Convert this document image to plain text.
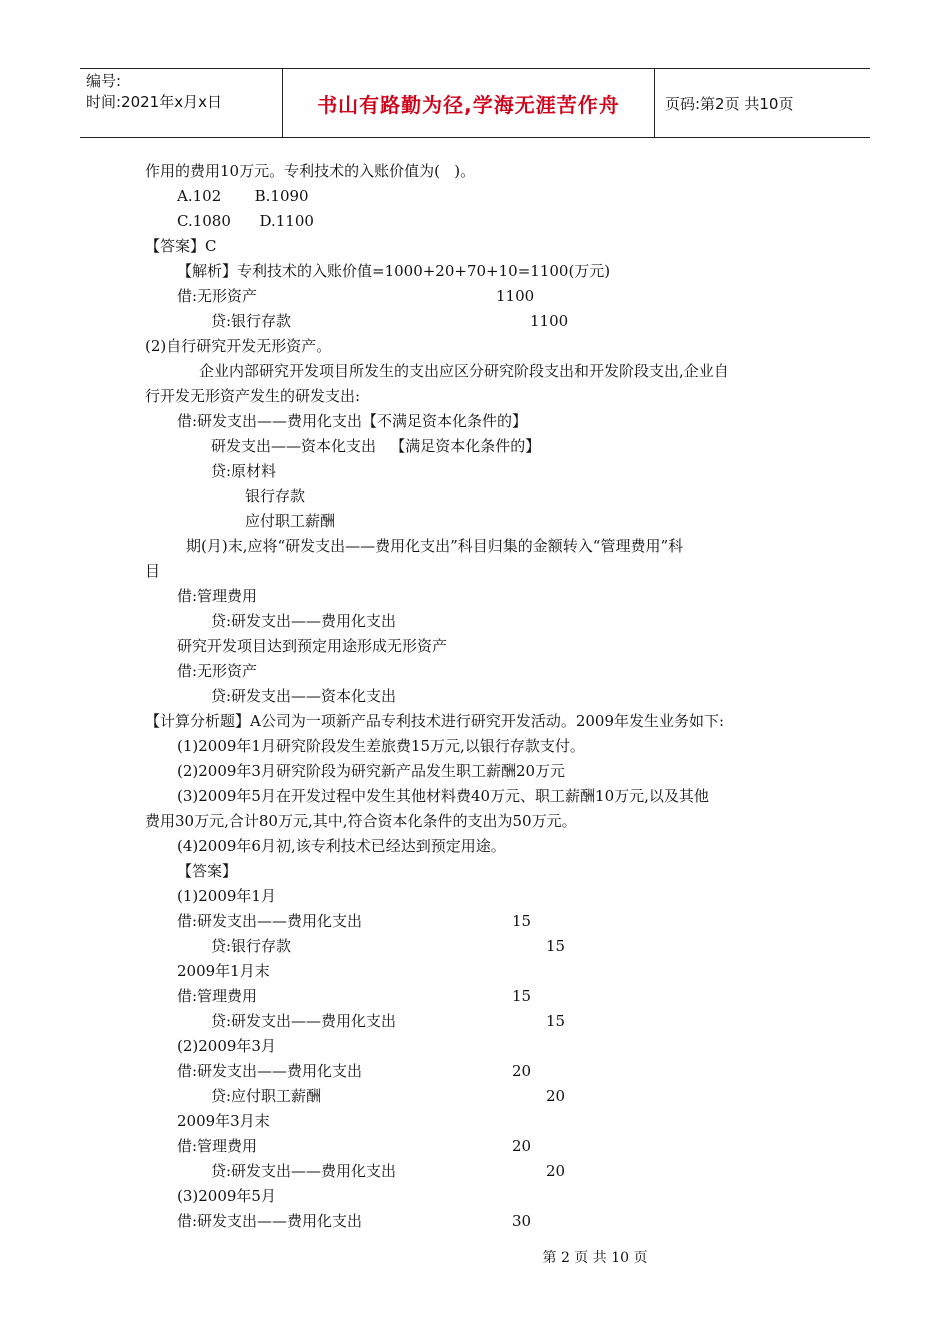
编号:
时间:2021年x月x日	书山有路勤为径,学海无涯苦作舟	页码:第2页 共10页
作用的费用10万元。专利技术的入账价值为(   )。
A.102       B.1090
C.1080      D.1100
【答案】C
【解析】专利技术的入账价值=1000+20+70+10=1100(万元)
借:无形资产	1100
贷:银行存款	1100
(2)自行研究开发无形资产。
企业内部研究开发项目所发生的支出应区分研究阶段支出和开发阶段支出,企业自
行开发无形资产发生的研发支出:
借:研发支出——费用化支出【不满足资本化条件的】
研发支出——资本化支出   【满足资本化条件的】
贷:原材料
银行存款
应付职工薪酬
期(月)末,应将“研发支出——费用化支出”科目归集的金额转入“管理费用”科
目
借:管理费用
贷:研发支出——费用化支出
研究开发项目达到预定用途形成无形资产
借:无形资产
贷:研发支出——资本化支出
【计算分析题】A公司为一项新产品专利技术进行研究开发活动。2009年发生业务如下:
(1)2009年1月研究阶段发生差旅费15万元,以银行存款支付。
(2)2009年3月研究阶段为研究新产品发生职工薪酬20万元
(3)2009年5月在开发过程中发生其他材料费40万元、职工薪酬10万元,以及其他
费用30万元,合计80万元,其中,符合资本化条件的支出为50万元。
(4)2009年6月初,该专利技术已经达到预定用途。
【答案】
(1)2009年1月
借:研发支出——费用化支出	15
贷:银行存款	15
2009年1月末
借:管理费用	15
贷:研发支出——费用化支出	15
(2)2009年3月
借:研发支出——费用化支出	20
贷:应付职工薪酬	20
2009年3月末
借:管理费用	20
贷:研发支出——费用化支出	20
(3)2009年5月
借:研发支出——费用化支出	30
第 2 页 共 10 页
